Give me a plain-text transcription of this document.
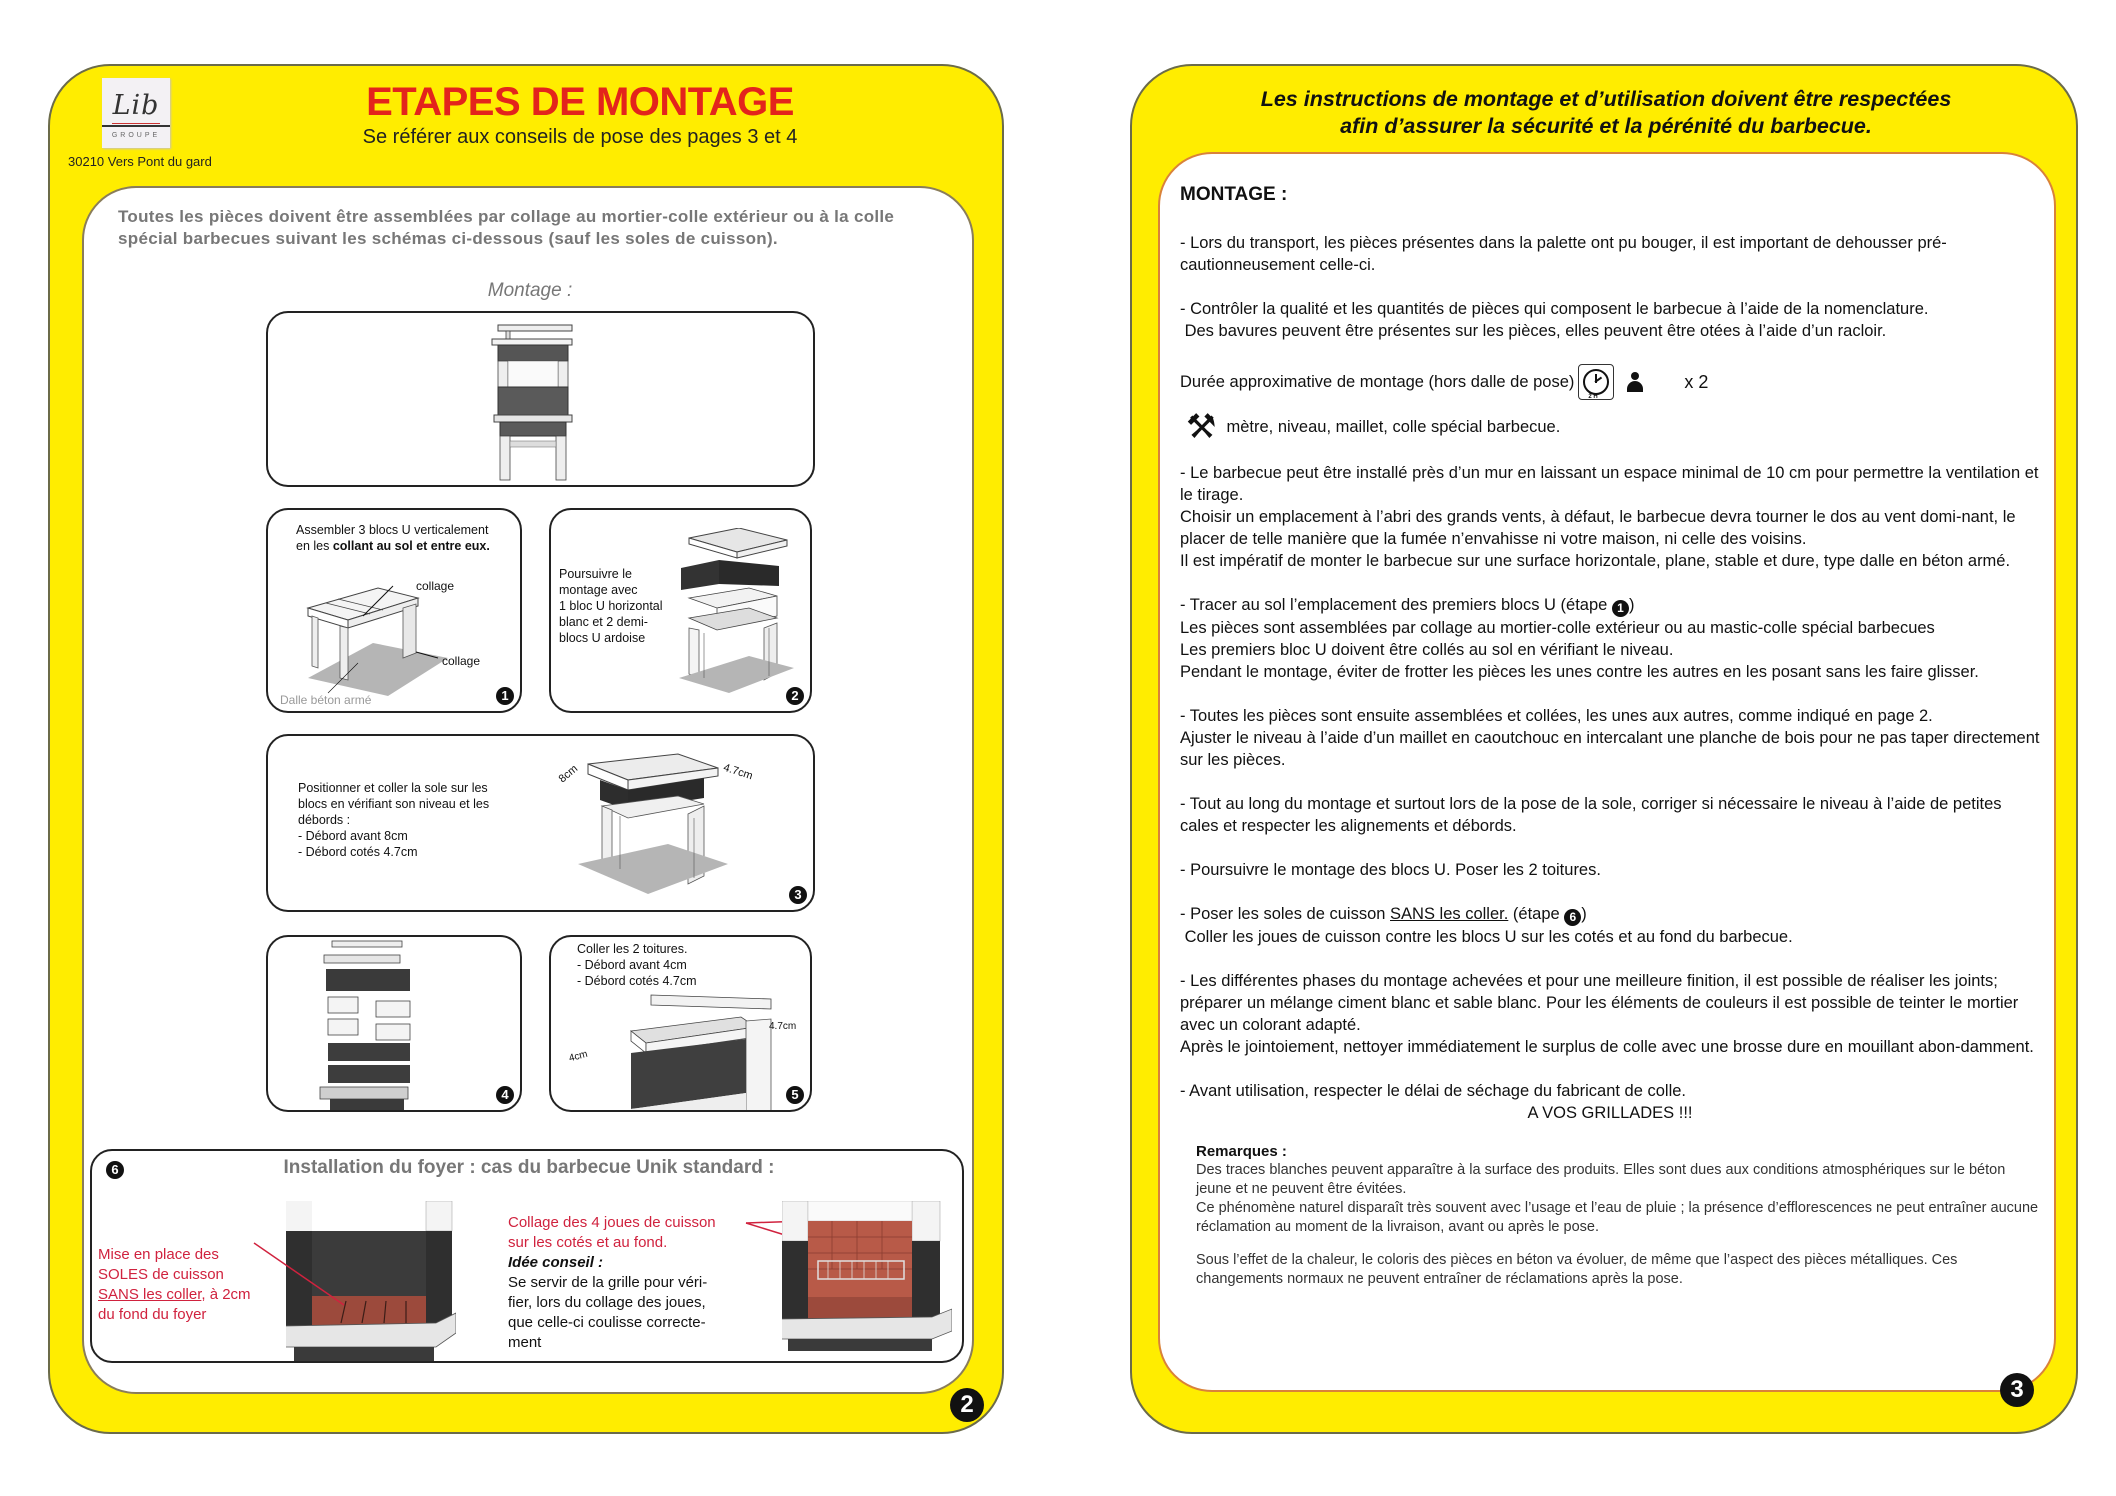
Lib
GROUPE
30210 Vers Pont du gard
ETAPES DE MONTAGE
Se référer aux conseils de pose des pages 3 et 4
Toutes les pièces doivent être assemblées par collage au mortier-colle extérieur ou à la colle
spécial barbecues suivant les schémas ci-dessous (sauf les soles de cuisson).
Montage :
Assembler 3 blocs U verticalement
en les collant au sol et entre eux.
collage
collage
Dalle béton armé	1
Poursuivre le
montage avec
1 bloc U horizontal
blanc et 2 demi-
blocs U ardoise
2
Positionner et coller la sole sur les
blocs en vérifiant son niveau et les
débords :
- Débord avant 8cm
- Débord cotés 4.7cm
8cm	4.7cm
3
4
Coller les 2 toitures.
- Débord avant 4cm
- Débord cotés 4.7cm
4cm
4.7cm
5
6	Installation du foyer : cas du barbecue Unik standard :
Mise en place des
SOLES de cuisson
SANS les coller, à 2cm
du fond du foyer
Collage des 4 joues de cuisson
sur les cotés et au fond.
Idée conseil :
Se servir de la grille pour véri-
fier, lors du collage des joues,
que celle-ci coulisse correcte-
ment
2
Les instructions de montage et d’utilisation doivent être respectées
afin d’assurer la sécurité et la pérénité du barbecue.
MONTAGE :

- Lors du transport, les pièces présentes dans la palette ont pu bouger, il est important de dehousser pré-cautionneusement celle-ci.

- Contrôler la qualité et les quantités de pièces qui composent le barbecue à l’aide de la nomenclature.
Des bavures peuvent être présentes sur les pièces, elles peuvent être otées à l’aide d’un racloir.

Durée approximative de montage (hors dalle de pose)
2 H
x 2
⚒ mètre, niveau, maillet, colle spécial barbecue.

- Le barbecue peut être installé près d’un mur en laissant un espace minimal de 10 cm pour permettre la ventilation et le tirage.
Choisir un emplacement à l’abri des grands vents, à défaut, le barbecue devra tourner le dos au vent domi-nant, le placer de telle manière que la fumée n’envahisse ni votre maison, ni celle des voisins.
Il est impératif de monter le barbecue sur une surface horizontale, plane, stable et dure, type dalle en béton armé.

- Tracer au sol l’emplacement des premiers blocs U (étape 1 )
Les pièces sont assemblées par collage au mortier-colle extérieur ou au mastic-colle spécial barbecues
Les premiers bloc U doivent être collés au sol en vérifiant le niveau.
Pendant le montage, éviter de frotter les pièces les unes contre les autres en les posant sans les faire glisser.

- Toutes les pièces sont ensuite assemblées et collées, les unes aux autres, comme indiqué en page 2.
Ajuster le niveau à l’aide d’un maillet en caoutchouc en intercalant une planche de bois pour ne pas taper directement sur les pièces.

- Tout au long du montage et surtout lors de la pose de la sole, corriger si nécessaire le niveau à l’aide de petites cales et respecter les alignements et débords.

- Poursuivre le montage des blocs U. Poser les 2 toitures.

- Poser les soles de cuisson SANS les coller. (étape 6 )
Coller les joues de cuisson contre les blocs U sur les cotés et au fond du barbecue.

- Les différentes phases du montage achevées et pour une meilleure finition, il est possible de réaliser les joints; préparer un mélange ciment blanc et sable blanc. Pour les éléments de couleurs il est possible de teinter le mortier avec un colorant adapté.
Après le jointoiement, nettoyer immédiatement le surplus de colle avec une brosse dure en mouillant abon-damment.

- Avant utilisation, respecter le délai de séchage du fabricant de colle.

A VOS GRILLADES !!!

Remarques :
Des traces blanches peuvent apparaître à la surface des produits. Elles sont dues aux conditions atmosphériques sur le béton jeune et ne peuvent être évitées.

Ce phénomène naturel disparaît très souvent avec l’usage et l’eau de pluie ; la présence d’efflorescences ne peut entraîner aucune réclamation au moment de la livraison, avant ou après le pose.

Sous l’effet de la chaleur, le coloris des pièces en béton va évoluer, de même que l’aspect des pièces métalliques. Ces changements normaux ne peuvent entraîner de réclamations après la pose.

3
